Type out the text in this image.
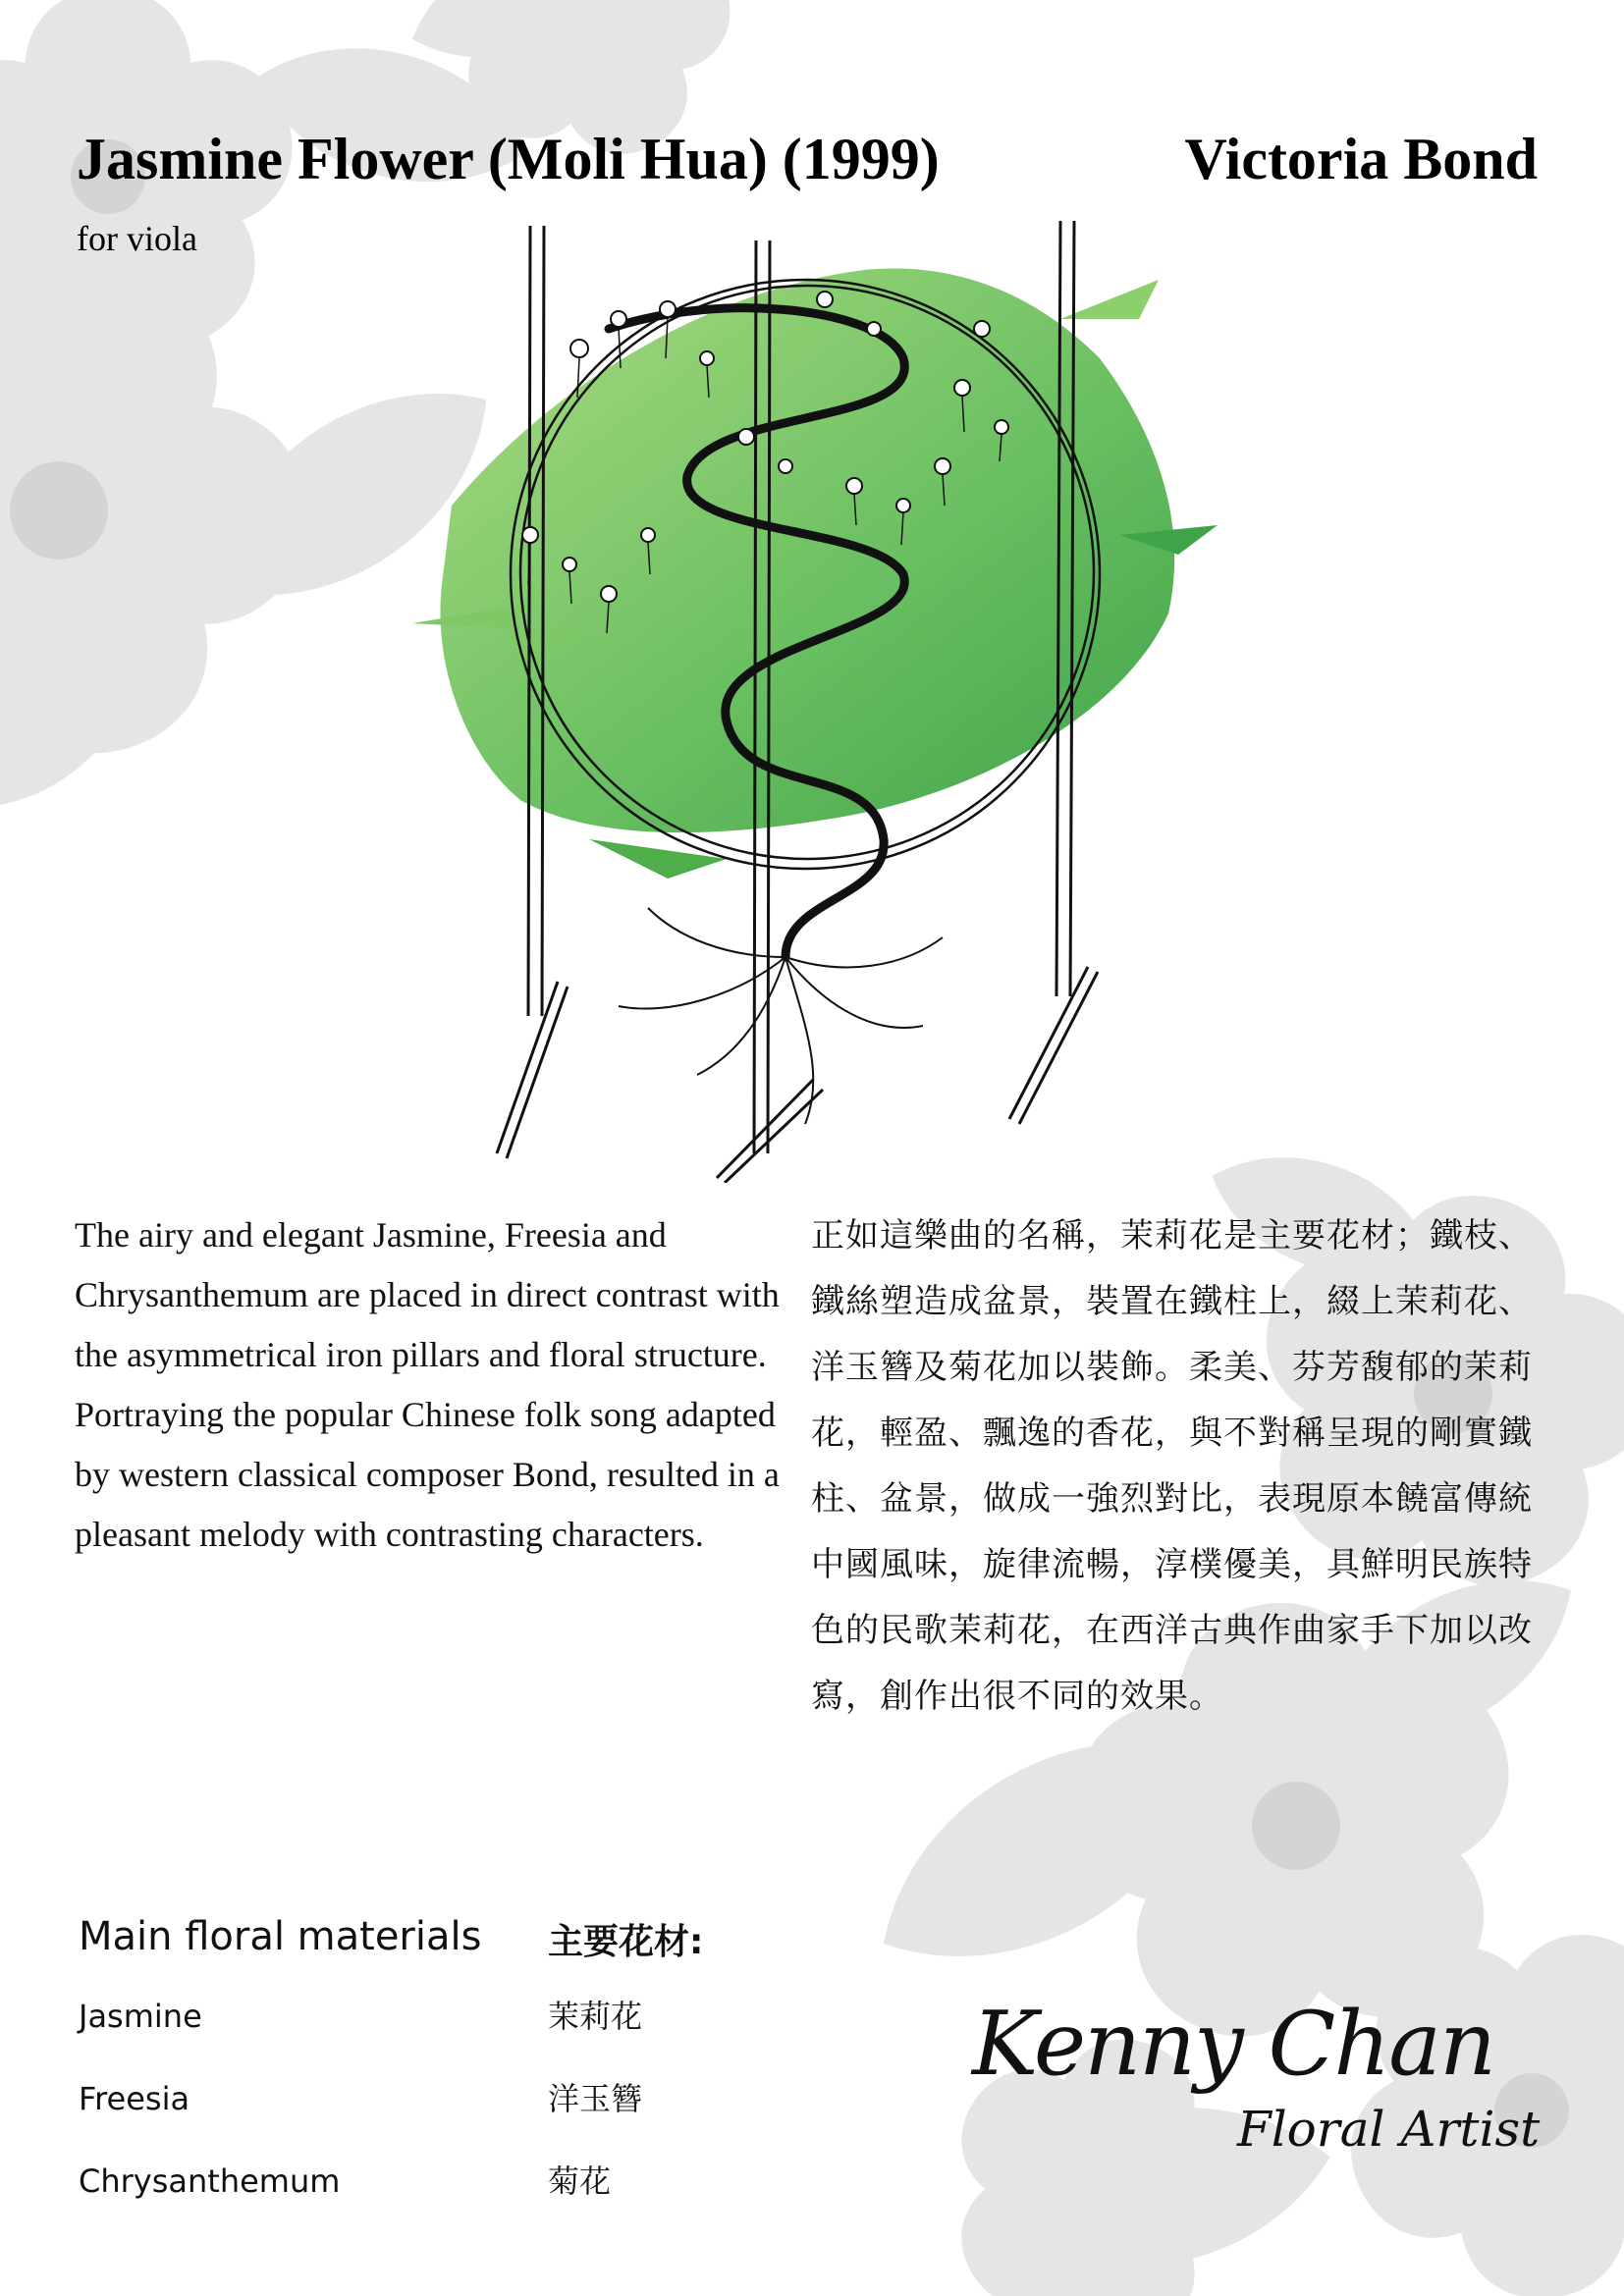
Jasmine Flower (Moli Hua) (1999)	Victoria Bond
for viola

The airy and elegant Jasmine, Freesia and Chrysanthemum are placed in direct contrast with the asymmetrical iron pillars and floral structure. Portraying the popular Chinese folk song adapted by western classical composer Bond, resulted in a pleasant melody with contrasting characters.

正如這樂曲的名稱，茉莉花是主要花材；鐵枝、鐵絲塑造成盆景，裝置在鐵柱上，綴上茉莉花、洋玉簪及菊花加以裝飾。柔美、芬芳馥郁的茉莉花，輕盈、飄逸的香花，與不對稱呈現的剛實鐵柱、盆景，做成一強烈對比，表現原本饒富傳統中國風味，旋律流暢，淳樸優美，具鮮明民族特色的民歌茉莉花，在西洋古典作曲家手下加以改寫，創作出很不同的效果。

Main floral materials 主要花材:
Jasmine
Freesia
Chrysanthemum
茉莉花
洋玉簪
菊花
Kenny Chan
Floral Artist
